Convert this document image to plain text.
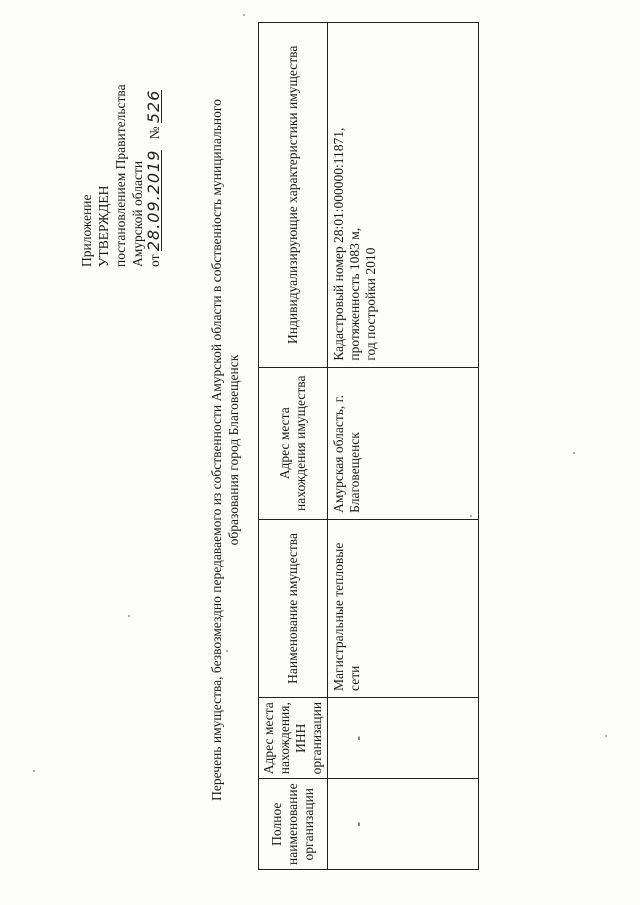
Приложение УТВЕРЖДЕН постановлением Правительства Амурской области от 28.09.2019   № 526	Перечень имущества, безвозмездно передаваемого из собственности Амурской области в собственность муниципального образования город Благовещенск
Полное наименование организации	Адрес места нахождения, ИНН организации	Наименование имущества	Адрес места нахождения имущества	Индивидуализирующие характеристики имущества
-	-	Магистральные тепловые сети	Амурская область, г. Благовещенск	Кадастровый номер 28:01:000000:11871, протяженность 1083 м, год постройки 2010
